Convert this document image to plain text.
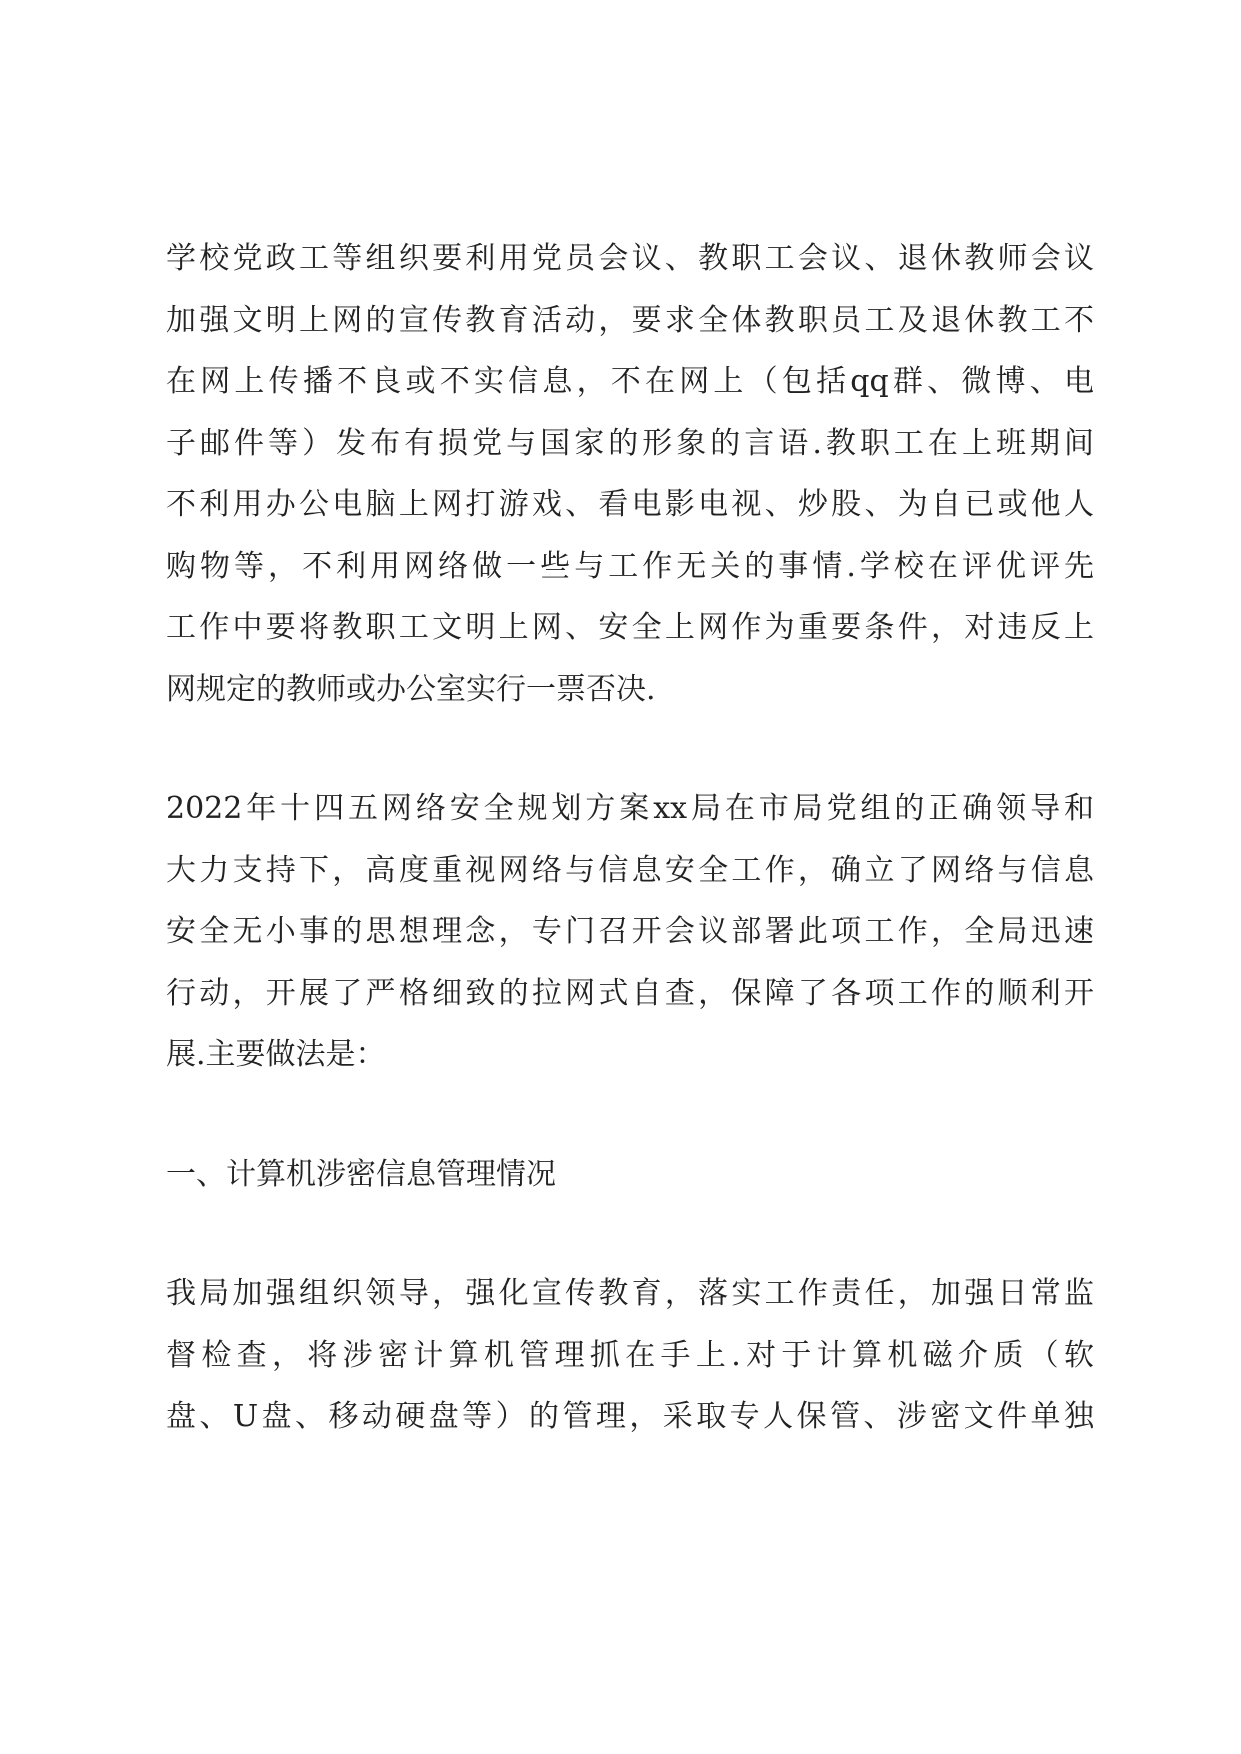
学校党政工等组织要利用党员会议、教职工会议、退休教师会议
加强文明上网的宣传教育活动，要求全体教职员工及退休教工不
在网上传播不良或不实信息，不在网上（包括qq群、微博、电
子邮件等）发布有损党与国家的形象的言语.教职工在上班期间
不利用办公电脑上网打游戏、看电影电视、炒股、为自已或他人
购物等，不利用网络做一些与工作无关的事情.学校在评优评先
工作中要将教职工文明上网、安全上网作为重要条件，对违反上
网规定的教师或办公室实行一票否决.
2022年十四五网络安全规划方案xx局在市局党组的正确领导和
大力支持下，高度重视网络与信息安全工作，确立了网络与信息
安全无小事的思想理念，专门召开会议部署此项工作，全局迅速
行动，开展了严格细致的拉网式自查，保障了各项工作的顺利开
展.主要做法是：
一、计算机涉密信息管理情况
我局加强组织领导，强化宣传教育，落实工作责任，加强日常监
督检查，将涉密计算机管理抓在手上.对于计算机磁介质（软
盘、U盘、移动硬盘等）的管理，采取专人保管、涉密文件单独
